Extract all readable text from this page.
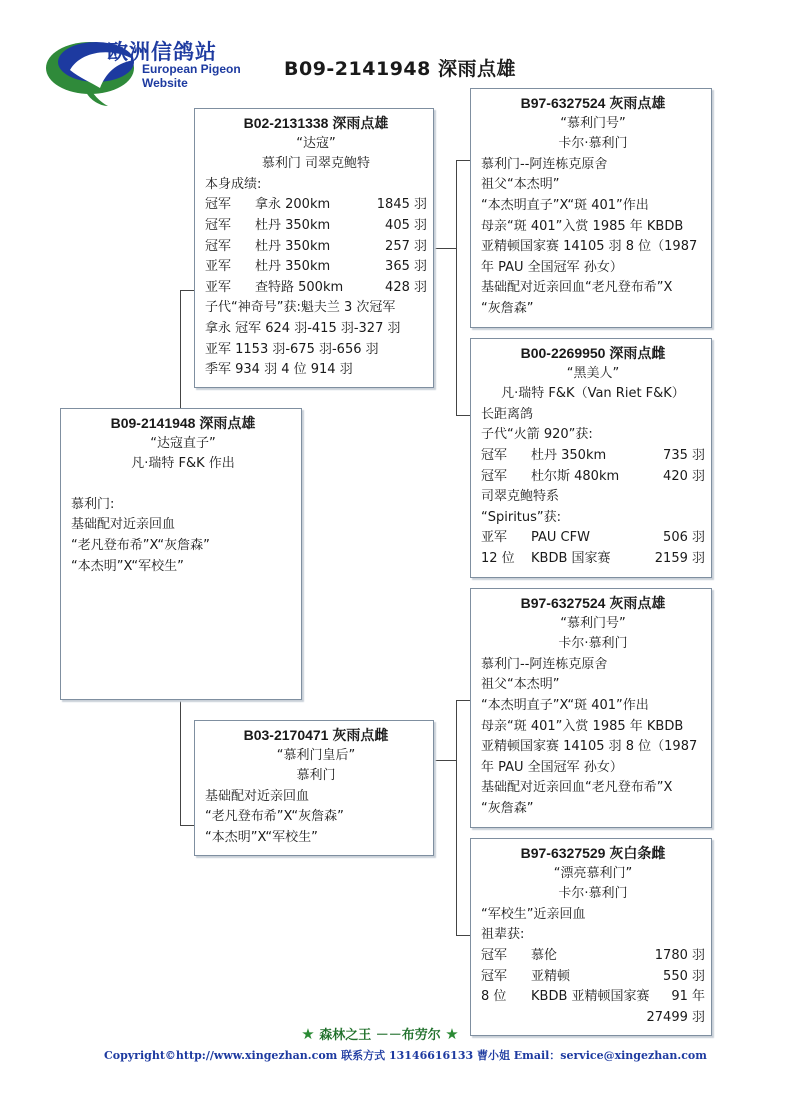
欧洲信鸽站
European Pigeon
Website
B09-2141948 深雨点雄
B09-2141948 深雨点雄
“达寇直子”
凡·瑞特 F&K 作出
慕利门:
基础配对近亲回血
“老凡登布希”X“灰詹森”
“本杰明”X“军校生”
B02-2131338 深雨点雄
“达寇”
慕利门 司翠克鲍特
本身成绩:
冠军	拿永 200km	1845 羽
冠军	杜丹 350km	405 羽
冠军	杜丹 350km	257 羽
亚军	杜丹 350km	365 羽
亚军	查特路 500km	428 羽
子代“神奇号”获:魁夫兰 3 次冠军
拿永 冠军 624 羽-415 羽-327 羽
亚军 1153 羽-675 羽-656 羽
季军 934 羽 4 位 914 羽
B03-2170471 灰雨点雌
“慕利门皇后”
慕利门
基础配对近亲回血
“老凡登布希”X“灰詹森”
“本杰明”X“军校生”
B97-6327524 灰雨点雄
“慕利门号”
卡尔·慕利门
慕利门--阿连栋克原舍
祖父“本杰明”
“本杰明直子”X“斑 401”作出
母亲“斑 401”入赏 1985 年 KBDB
亚精顿国家赛 14105 羽 8 位（1987
年 PAU 全国冠军 孙女）
基础配对近亲回血“老凡登布希”X
“灰詹森”
B00-2269950 深雨点雌
“黑美人”
凡·瑞特 F&K（Van Riet F&K）
长距离鸽
子代“火箭 920”获:
冠军	杜丹 350km	735 羽
冠军	杜尔斯 480km	420 羽
司翠克鲍特系
“Spiritus”获:
亚军	PAU CFW	506 羽
12 位	KBDB 国家赛	2159 羽
B97-6327524 灰雨点雄
“慕利门号”
卡尔·慕利门
慕利门--阿连栋克原舍
祖父“本杰明”
“本杰明直子”X“斑 401”作出
母亲“斑 401”入赏 1985 年 KBDB
亚精顿国家赛 14105 羽 8 位（1987
年 PAU 全国冠军 孙女）
基础配对近亲回血“老凡登布希”X
“灰詹森”
B97-6327529 灰白条雌
“漂亮慕利门”
卡尔·慕利门
“军校生”近亲回血
祖辈获:
冠军	慕伦	1780 羽
冠军	亚精顿	550 羽
8 位	KBDB 亚精顿国家赛	91 年
27499 羽
★ 森林之王 －－布劳尔 ★
Copyright©http://www.xingezhan.com 联系方式 13146616133 曹小姐 Email：service@xingezhan.com
